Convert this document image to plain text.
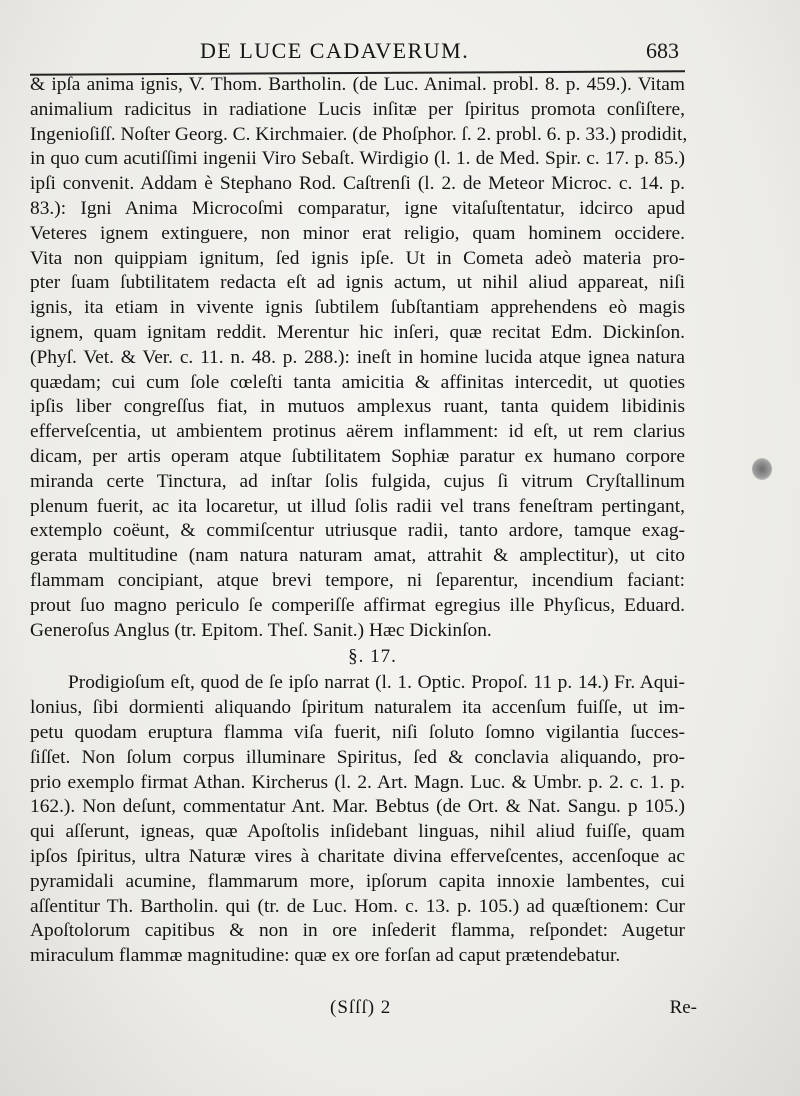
DE LUCE CADAVERUM.	683
& ipſa anima ignis, V. Thom. Bartholin. (de Luc. Animal. probl. 8. p. 459.). Vitam
animalium radicitus in radiatione Lucis inſitæ per ſpiritus promota conſiſtere,
Ingenioſiſſ. Noſter Georg. C. Kirchmaier. (de Phoſphor. ſ. 2. probl. 6. p. 33.) prodidit,
in quo cum acutiſſimi ingenii Viro Sebaſt. Wirdigio (l. 1. de Med. Spir. c. 17. p. 85.)
ipſi convenit. Addam è Stephano Rod. Caſtrenſi (l. 2. de Meteor Microc. c. 14. p.
83.): Igni Anima Microcoſmi comparatur, igne vitaſuſtentatur, idcirco apud
Veteres ignem extinguere, non minor erat religio, quam hominem occidere.
Vita non quippiam ignitum, ſed ignis ipſe. Ut in Cometa adeò materia pro-
pter ſuam ſubtilitatem redacta eſt ad ignis actum, ut nihil aliud appareat, niſi
ignis, ita etiam in vivente ignis ſubtilem ſubſtantiam apprehendens eò magis
ignem, quam ignitam reddit. Merentur hic inſeri, quæ recitat Edm. Dickinſon.
(Phyſ. Vet. & Ver. c. 11. n. 48. p. 288.): ineſt in homine lucida atque ignea natura
quædam; cui cum ſole cœleſti tanta amicitia & affinitas intercedit, ut quoties
ipſis liber congreſſus fiat, in mutuos amplexus ruant, tanta quidem libidinis
efferveſcentia, ut ambientem protinus aërem inflamment: id eſt, ut rem clarius
dicam, per artis operam atque ſubtilitatem Sophiæ paratur ex humano corpore
miranda certe Tinctura, ad inſtar ſolis fulgida, cujus ſi vitrum Cryſtallinum
plenum fuerit, ac ita locaretur, ut illud ſolis radii vel trans feneſtram pertingant,
extemplo coëunt, & commiſcentur utriusque radii, tanto ardore, tamque exag-
gerata multitudine (nam natura naturam amat, attrahit & amplectitur), ut cito
flammam concipiant, atque brevi tempore, ni ſeparentur, incendium faciant:
prout ſuo magno periculo ſe comperiſſe affirmat egregius ille Phyſicus, Eduard.
Generoſus Anglus (tr. Epitom. Theſ. Sanit.) Hæc Dickinſon.
§. 17.
Prodigioſum eſt, quod de ſe ipſo narrat (l. 1. Optic. Propoſ. 11 p. 14.) Fr. Aqui-
lonius, ſibi dormienti aliquando ſpiritum naturalem ita accenſum fuiſſe, ut im-
petu quodam eruptura flamma viſa fuerit, niſi ſoluto ſomno vigilantia ſucces-
ſiſſet. Non ſolum corpus illuminare Spiritus, ſed & conclavia aliquando, pro-
prio exemplo firmat Athan. Kircherus (l. 2. Art. Magn. Luc. & Umbr. p. 2. c. 1. p.
162.). Non deſunt, commentatur Ant. Mar. Bebtus (de Ort. & Nat. Sangu. p 105.)
qui aſſerunt, igneas, quæ Apoſtolis inſidebant linguas, nihil aliud fuiſſe, quam
ipſos ſpiritus, ultra Naturæ vires à charitate divina efferveſcentes, accenſoque ac
pyramidali acumine, flammarum more, ipſorum capita innoxie lambentes, cui
aſſentitur Th. Bartholin. qui (tr. de Luc. Hom. c. 13. p. 105.) ad quæſtionem: Cur
Apoſtolorum capitibus & non in ore inſederit flamma, reſpondet: Augetur
miraculum flammæ magnitudine: quæ ex ore forſan ad caput prætendebatur.
(Sſſſ) 2	Re-
